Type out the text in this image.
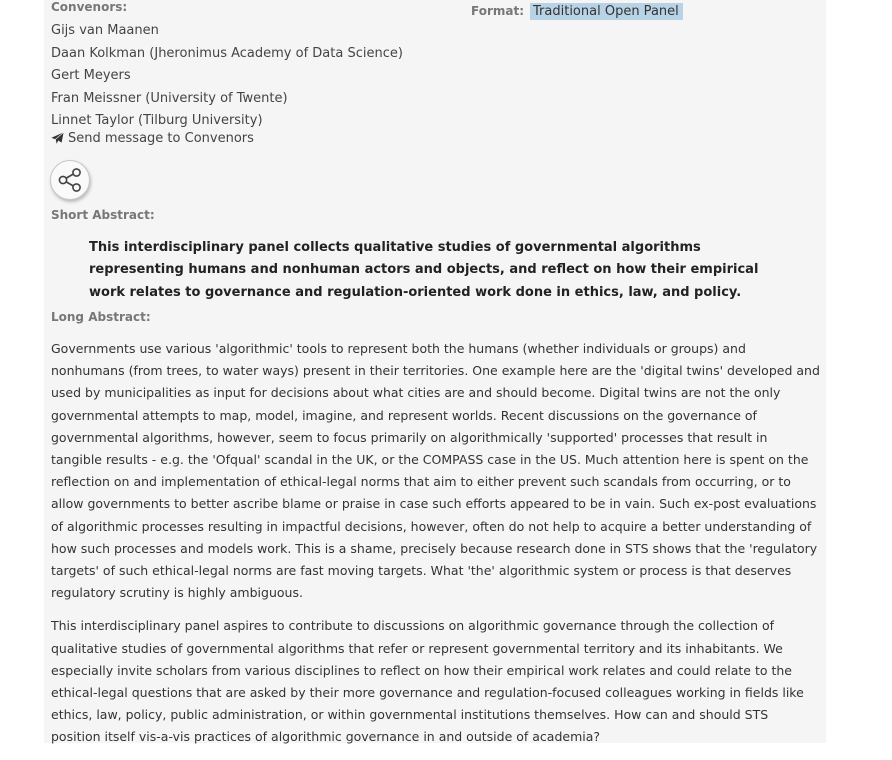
Convenors:	Format: Traditional Open Panel
Gijs van Maanen
Daan Kolkman (Jheronimus Academy of Data Science)
Gert Meyers
Fran Meissner (University of Twente)
Linnet Taylor (Tilburg University)
Send message to Convenors
Short Abstract:

This interdisciplinary panel collects qualitative studies of governmental algorithms representing humans and nonhuman actors and objects, and reflect on how their empirical work relates to governance and regulation-oriented work done in ethics, law, and policy.

Long Abstract:

Governments use various 'algorithmic' tools to represent both the humans (whether individuals or groups) and nonhumans (from trees, to water ways) present in their territories. One example here are the 'digital twins' developed and used by municipalities as input for decisions about what cities are and should become. Digital twins are not the only governmental attempts to map, model, imagine, and represent worlds. Recent discussions on the governance of governmental algorithms, however, seem to focus primarily on algorithmically 'supported' processes that result in tangible results - e.g. the 'Ofqual' scandal in the UK, or the COMPASS case in the US. Much attention here is spent on the reflection on and implementation of ethical-legal norms that aim to either prevent such scandals from occurring, or to allow governments to better ascribe blame or praise in case such efforts appeared to be in vain. Such ex-post evaluations of algorithmic processes resulting in impactful decisions, however, often do not help to acquire a better understanding of how such processes and models work. This is a shame, precisely because research done in STS shows that the 'regulatory targets' of such ethical-legal norms are fast moving targets. What 'the' algorithmic system or process is that deserves regulatory scrutiny is highly ambiguous.

This interdisciplinary panel aspires to contribute to discussions on algorithmic governance through the collection of qualitative studies of governmental algorithms that refer or represent governmental territory and its inhabitants. We especially invite scholars from various disciplines to reflect on how their empirical work relates and could relate to the ethical-legal questions that are asked by their more governance and regulation-focused colleagues working in fields like ethics, law, policy, public administration, or within governmental institutions themselves. How can and should STS position itself vis-a-vis practices of algorithmic governance in and outside of academia?
